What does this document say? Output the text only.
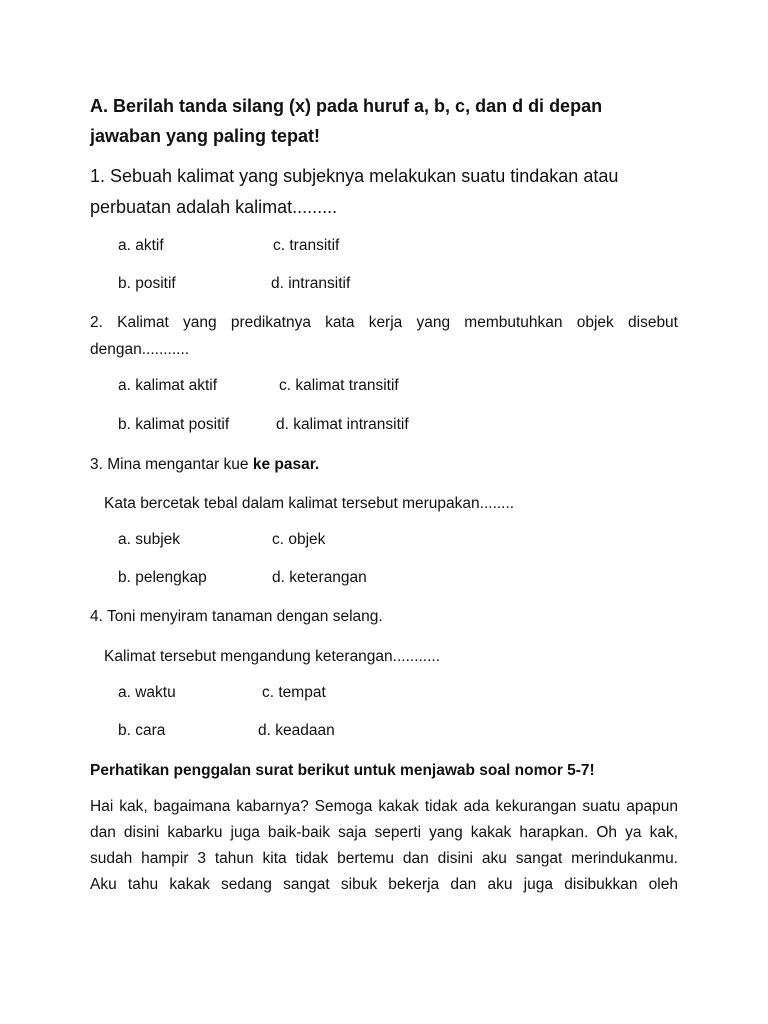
A. Berilah tanda silang (x) pada huruf a, b, c, dan d di depan jawaban yang paling tepat!

1. Sebuah kalimat yang subjeknya melakukan suatu tindakan atau perbuatan adalah kalimat.........

a. aktif	c. transitif
b. positif	d. intransitif

2. Kalimat yang predikatnya kata kerja yang membutuhkan objek disebut dengan...........

a. kalimat aktif	c. kalimat transitif
b. kalimat positif	d. kalimat intransitif

3. Mina mengantar kue ke pasar.

Kata bercetak tebal dalam kalimat tersebut merupakan........

a. subjek	c. objek
b. pelengkap	d. keterangan

4. Toni menyiram tanaman dengan selang.

Kalimat tersebut mengandung keterangan...........

a. waktu	c. tempat
b. cara	d. keadaan

Perhatikan penggalan surat berikut untuk menjawab soal nomor 5-7!

Hai kak, bagaimana kabarnya? Semoga kakak tidak ada kekurangan suatu apapun
dan disini kabarku juga baik-baik saja seperti yang kakak harapkan. Oh ya kak,
sudah hampir 3 tahun kita tidak bertemu dan disini aku sangat merindukanmu.
Aku tahu kakak sedang sangat sibuk bekerja dan aku juga disibukkan oleh
